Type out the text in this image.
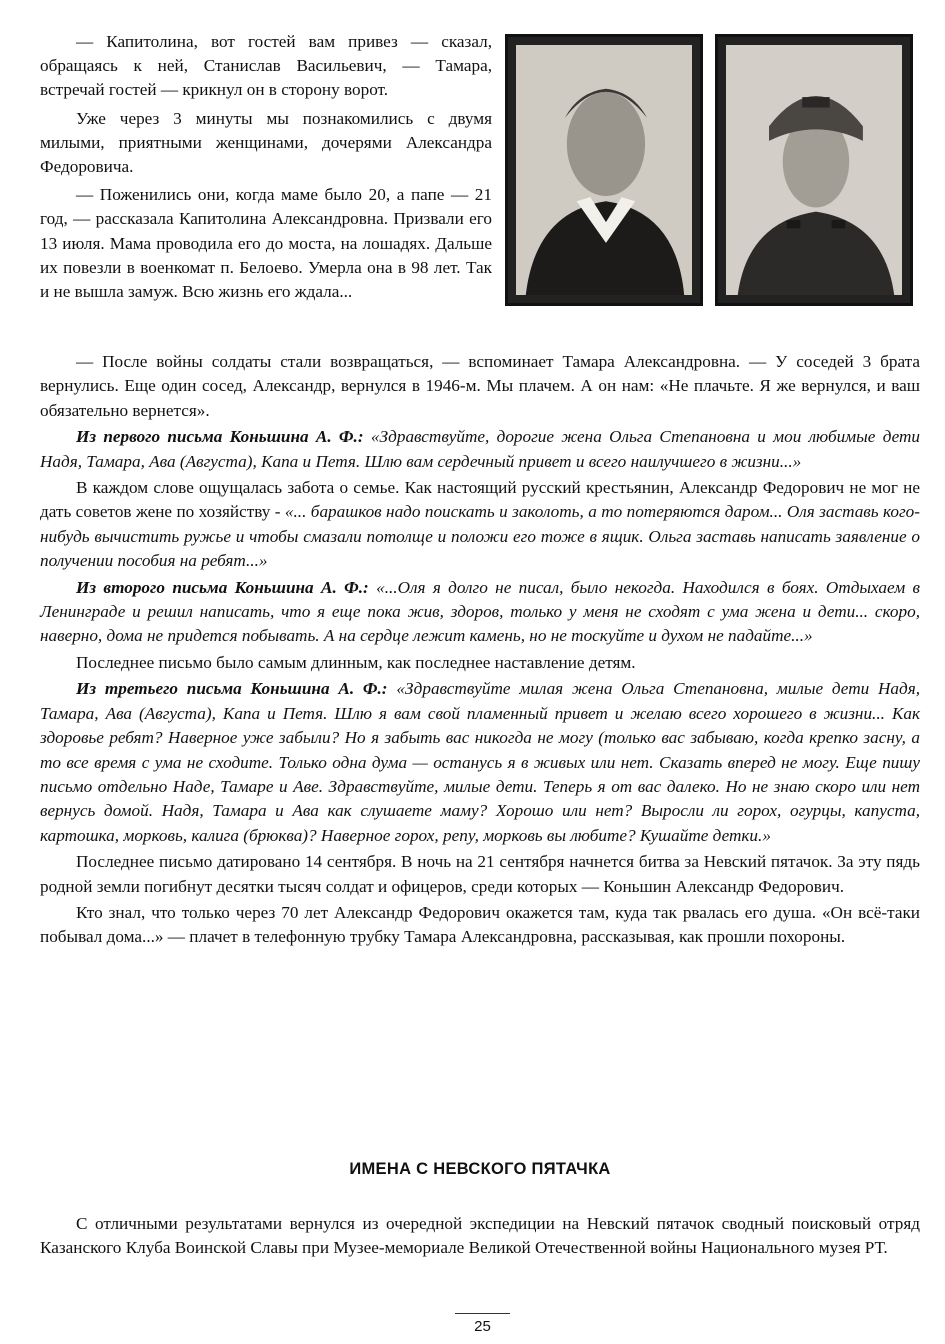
— Капитолина, вот гостей вам привез — сказал, обращаясь к ней, Станислав Васильевич, — Тамара, встречай гостей — крикнул он в сторону ворот.

Уже через 3 минуты мы познакомились с двумя милыми, приятными женщинами, дочерями Александра Федоровича.

— Поженились они, когда маме было 20, а папе — 21 год, — рассказала Капитолина Александровна. Призвали его 13 июля. Мама проводила его до моста, на лошадях. Дальше их повезли в военкомат п. Белоево. Умерла она в 98 лет. Так и не вышла замуж. Всю жизнь его ждала...

— После войны солдаты стали возвращаться, — вспоминает Тамара Александровна. — У соседей 3 брата вернулись. Еще один сосед, Александр, вернулся в 1946-м. Мы плачем. А он нам: «Не плачьте. Я же вернулся, и ваш обязательно вернется».

Из первого письма Коньшина А. Ф.: «Здравствуйте, дорогие жена Ольга Степановна и мои любимые дети Надя, Тамара, Ава (Августа), Капа и Петя. Шлю вам сердечный привет и всего наилучшего в жизни...»

В каждом слове ощущалась забота о семье. Как настоящий русский крестьянин, Александр Федорович не мог не дать советов жене по хозяйству - «... барашков надо поискать и заколоть, а то потеряются даром... Оля заставь кого-нибудь вычистить ружье и чтобы смазали потолще и положи его тоже в ящик. Ольга заставь написать заявление о получении пособия на ребят...»

Из второго письма Коньшина А. Ф.: «...Оля я долго не писал, было некогда. Находился в боях. Отдыхаем в Ленинграде и решил написать, что я еще пока жив, здоров, только у меня не сходят с ума жена и дети... скоро, наверно, дома не придется побывать. А на сердце лежит камень, но не тоскуйте и духом не падайте...»

Последнее письмо было самым длинным, как последнее наставление детям.

Из третьего письма Коньшина А. Ф.: «Здравствуйте милая жена Ольга Степановна, милые дети Надя, Тамара, Ава (Августа), Капа и Петя. Шлю я вам свой пламенный привет и желаю всего хорошего в жизни... Как здоровье ребят? Наверное уже забыли? Но я забыть вас никогда не могу (только вас забываю, когда крепко засну, а то все время с ума не сходите. Только одна дума — останусь я в живых или нет. Сказать вперед не могу. Еще пишу письмо отдельно Наде, Тамаре и Аве. Здравствуйте, милые дети. Теперь я от вас далеко. Но не знаю скоро или нет вернусь домой. Надя, Тамара и Ава как слушаете маму? Хорошо или нет? Выросли ли горох, огурцы, капуста, картошка, морковь, калига (брюква)? Наверное горох, репу, морковь вы любите? Кушайте детки.»

Последнее письмо датировано 14 сентября. В ночь на 21 сентября начнется битва за Невский пятачок. За эту пядь родной земли погибнут десятки тысяч солдат и офицеров, среди которых — Коньшин Александр Федорович.

Кто знал, что только через 70 лет Александр Федорович окажется там, куда так рвалась его душа. «Он всё-таки побывал дома...» — плачет в телефонную трубку Тамара Александровна, рассказывая, как прошли похороны.

ИМЕНА С НЕВСКОГО ПЯТАЧКА

С отличными результатами вернулся из очередной экспедиции на Невский пятачок сводный поисковый отряд Казанского Клуба Воинской Славы при Музее-мемориале Великой Отечественной войны Национального музея РТ.

25
